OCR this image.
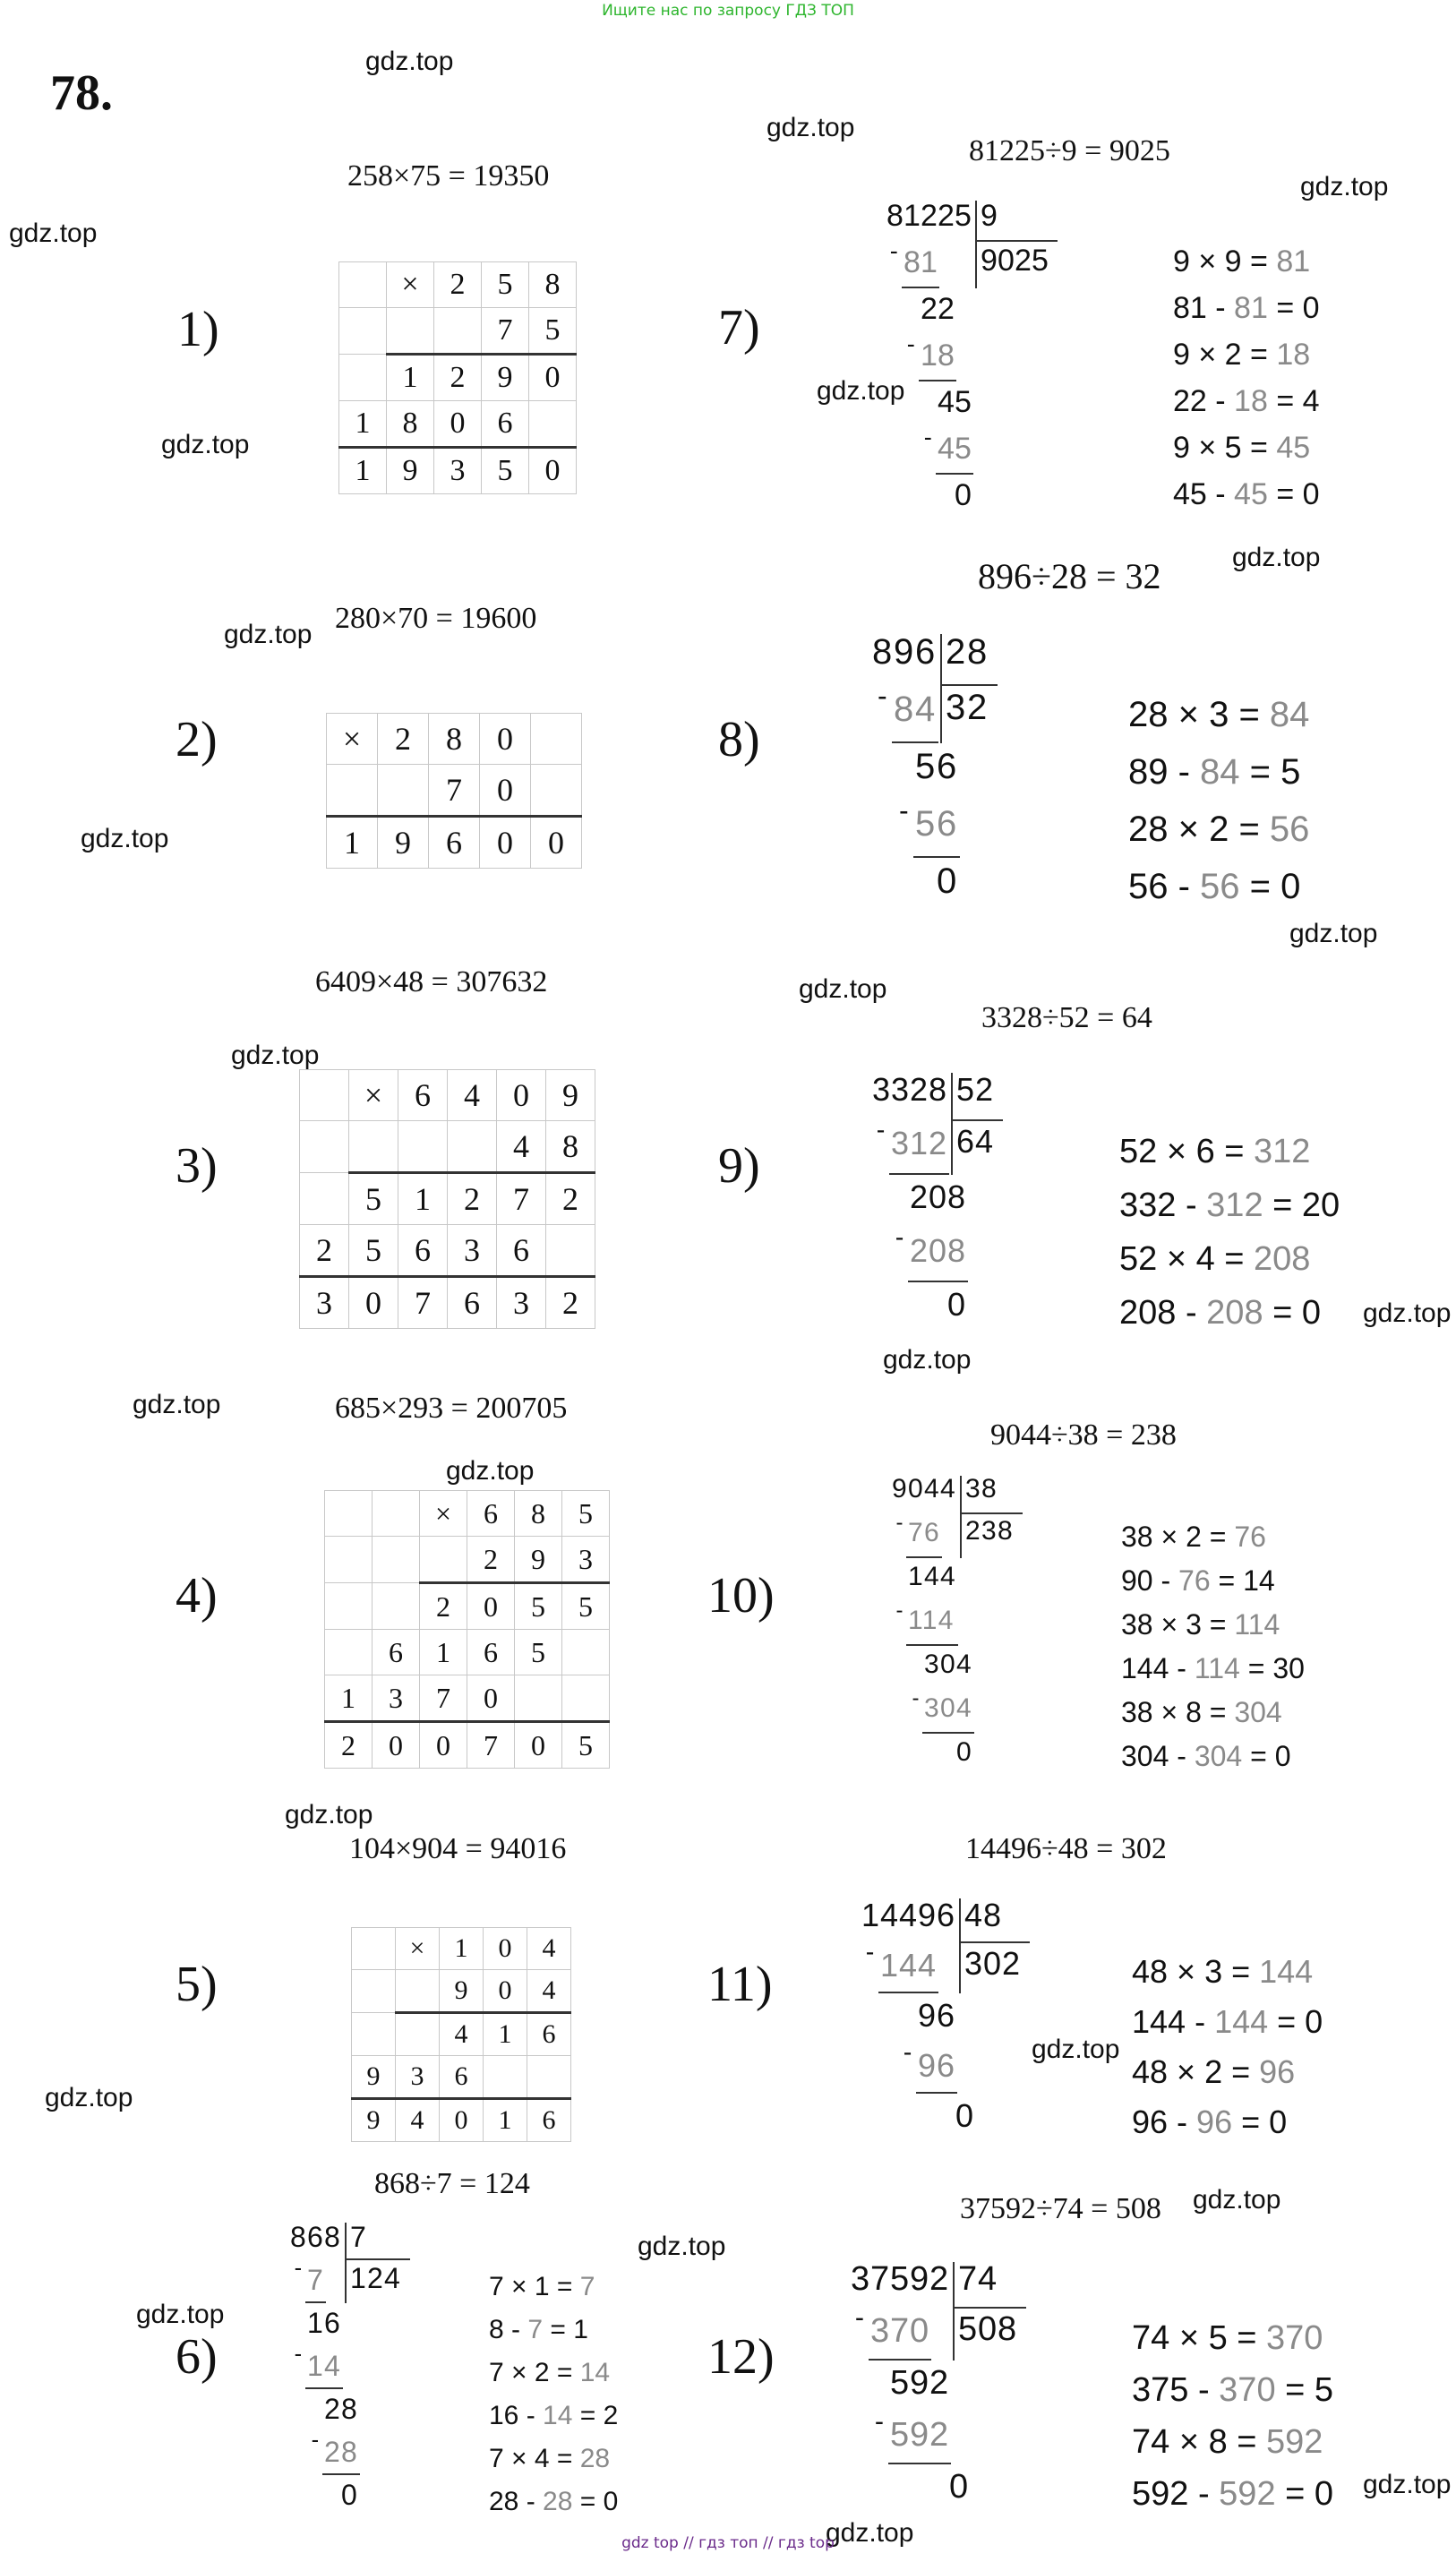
Ищите нас по запросу ГДЗ ТОП
78.
gdz.top
gdz.top
gdz.top
gdz.top
gdz.top
gdz.top
gdz.top
gdz.top
gdz.top
gdz.top
gdz.top
gdz.top
gdz.top
gdz.top
gdz.top
gdz.top
gdz.top
gdz.top
gdz.top
gdz.top
gdz.top
gdz.top
gdz.top
gdz.top
1)
258×75 = 19350
	×	2	5	8
			7	5
	1	2	9	0
1	8	0	6	
1	9	3	5	0
2)
280×70 = 19600
×	2	8	0	
		7	0	
1	9	6	0	0
3)
6409×48 = 307632
	×	6	4	0	9
				4	8
	5	1	2	7	2
2	5	6	3	6	
3	0	7	6	3	2
4)
685×293 = 200705
		×	6	8	5
			2	9	3
		2	0	5	5
	6	1	6	5	
1	3	7	0		
2	0	0	7	0	5
5)
104×904 = 94016
	×	1	0	4
		9	0	4
		4	1	6
9	3	6		
9	4	0	1	6
6)
868÷7 = 124
868 7
124
7
-
16
14
-
28
28
-
0
7 × 1 = 7
8 - 7 = 1
7 × 2 = 14
16 - 14 = 2
7 × 4 = 28
28 - 28 = 0
7)
81225÷9 = 9025
81225 9
9025
81
-
22
18
-
45
45
-
0
9 × 9 = 81
81 - 81 = 0
9 × 2 = 18
22 - 18 = 4
9 × 5 = 45
45 - 45 = 0
8)
896÷28 = 32
896 28
32
84
-
56
56
-
0
28 × 3 = 84
89 - 84 = 5
28 × 2 = 56
56 - 56 = 0
9)
3328÷52 = 64
3328 52
64
312
-
208
208
-
0
52 × 6 = 312
332 - 312 = 20
52 × 4 = 208
208 - 208 = 0
10)
9044÷38 = 238
9044 38
238
76
-
144
114
-
304
304
-
0
38 × 2 = 76
90 - 76 = 14
38 × 3 = 114
144 - 114 = 30
38 × 8 = 304
304 - 304 = 0
11)
14496÷48 = 302
14496 48
302
144
-
96
96
-
0
48 × 3 = 144
144 - 144 = 0
48 × 2 = 96
96 - 96 = 0
12)
37592÷74 = 508
37592 74
508
370
-
592
592
-
0
74 × 5 = 370
375 - 370 = 5
74 × 8 = 592
592 - 592 = 0
gdz top // гдз топ // гдз top
